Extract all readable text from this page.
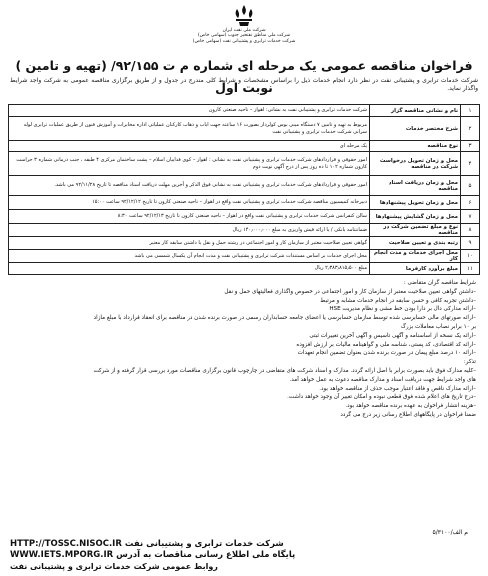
شرکت ملی نفت ایران
شرکت ملی مناطق نفتخیز جنوب (سهامی خاص)
شرکت خدمات ترابری و پشتیبانی نفت (سهامی خاص)
فراخوان مناقصه عمومی یک مرحله ای شماره م ت ۹۲/۱۵۵/ (تهیه و تامین ) نوبت اول
شرکت خدمات ترابری و پشتیبانی نفت در نظر دارد انجام خدمات ذیل را براساس مشخصات و شرایط کلی مندرج در جدول و از طریق برگزاری مناقصه عمومی به شرکت واجد شرایط واگذار نماید.
۱	نام و نشانی مناقصه گزار	شرکت خدمات ترابری و پشتیبانی نفت به نشانی: اهواز – ناحیه صنعتی کارون
۲	شرح مختصر خدمات	مربوط به تهیه و تامین ۷ دستگاه مینی بوس کولردار بصورت ۱۶ ساعته جهت ایاب و ذهاب کارکنان عملیاتی اداره مخابرات و آموزش فنون از طریق عملیات ترابری لوله سرانی شرکت خدمات ترابری و پشتیبانی نفت
۳	نوع مناقصه	یک مرحله ای
۴	محل و زمان تحویل درخواست شرکت در مناقصه	امور حقوقی و قراردادهای شرکت خدمات ترابری و پشتیبانی نفت به نشانی : اهواز – کوی فداییان اسلام – پشت ساختمان مرکزی ۴ طبقه ، جنب درمانی شماره ۳ حراست کارون شماره ۱۰۲ تا ده روز پس از درج آگهی نوبت دوم
۵	محل و زمان دریافت اسناد مناقصه	امور حقوقی و قراردادهای شرکت خدمات ترابری و پشتیبانی نفت به نشانی فوق الذکر و آخرین مهلت دریافت اسناد مناقصه تا تاریخ ۹۲/۱۱/۲۸ می باشد.
۶	محل و زمان تحویل پیشنهادها	دبیرخانه کمیسیون مناقصه شرکت خدمات ترابری و پشتیبانی نفت واقع در اهواز – ناحیه صنعتی کارون تا تاریخ ۹۲/۱۲/۱۲ ساعت ۱۵:۰۰
۷	محل و زمان گشایش پیشنهادها	سالن کنفرانس شرکت خدمات ترابری و پشتیبانی نفت واقع در اهواز – ناحیه صنعتی کارون تا تاریخ ۹۲/۱۲/۱۳ ساعت ۸:۳۰
۸	نوع و مبلغ تضمین شرکت در مناقصه	ضمانتنامه بانکی / یا ارائه فیش واریزی به مبلغ ۱۴۰٫۰۰۰٫۰۰۰ ریال
۹	رتبه بندی و تعیین صلاحیت	گواهی تعیین صلاحیت معتبر از سازمان کار و امور اجتماعی در رشته حمل و نقل یا داشتن سابقه کار معتبر
۱۰	محل اجرای خدمات و مدت انجام کار	محل اجرای خدمات بر اساس مستندات شرکت ترابری و پشتیبانی نفت و مدت انجام آن یکسال شمسی می باشد
۱۱	مبلغ برآورد کارفرما	مبلغ ۲٫۳۸۳٫۸۱۵٫۵۰۰ ریال
شرایط مناقصه گران متقاضی :
–داشتن گواهی تعیین صلاحیت معتبر از سازمان کار و امور اجتماعی در خصوص واگذاری فعالیتهای حمل و نقل
–داشتن تجربه کافی و حسن سابقه در انجام خدمات مشابه و مرتبط
–ارائه مدارکی دال بر دارا بودن خط مشی و نظام مدیریت HSE
–ارائه صورتهای مالی حسابرسی شده توسط سازمان حسابرسی یا اعضای جامعه حسابداران رسمی در صورت برنده شدن در مناقصه برای انعقاد قرارداد با مبلغ مازاد
بر ۱۰ برابر نصاب معاملات بزرگ
–ارائه یک نسخه از اساسنامه و آگهی تاسیس و آگهی آخرین تغییرات ثبتی
–ارائه کد اقتصادی، کد پستی، شناسه ملی و گواهینامه مالیات بر ارزش افزوده
–ارائه ۱۰ درصد مبلغ پیمان در صورت برنده شدن بعنوان تضمین انجام تعهدات
تذکر:
–کلیه مدارک فوق باید بصورت برابر با اصل ارائه گردد. مدارک و اسناد شرکت های متقاضی در چارچوب قانون برگزاری مناقصات مورد بررسی قرار گرفته و از شرکت
های واجد شرایط جهت دریافت اسناد و مدارک مناقصه دعوت به عمل خواهد آمد.
–ارائه مدارک ناقص و فاقد اعتبار موجب حذف از مناقصه خواهد بود.
–درج تاریخ های اعلام شده فوق قطعی نبوده و امکان تغییر آن وجود خواهد داشت.
–هزینه انتشار فراخوان به عهده برنده مناقصه خواهد بود.
ضمنا فراخوان در پایگاههای اطلاع رسانی زیر درج می گردد
م الف/۵/۳۱۰۰
HTTP://TOSSC.NISOC.IR شرکت خدمات ترابری و پشتیبانی نفت
WWW.IETS.MPORG.IR پایگاه ملی اطلاع رسانی مناقصات به آدرس
روابط عمومی شرکت خدمات ترابری و پشتیبانی نفت
